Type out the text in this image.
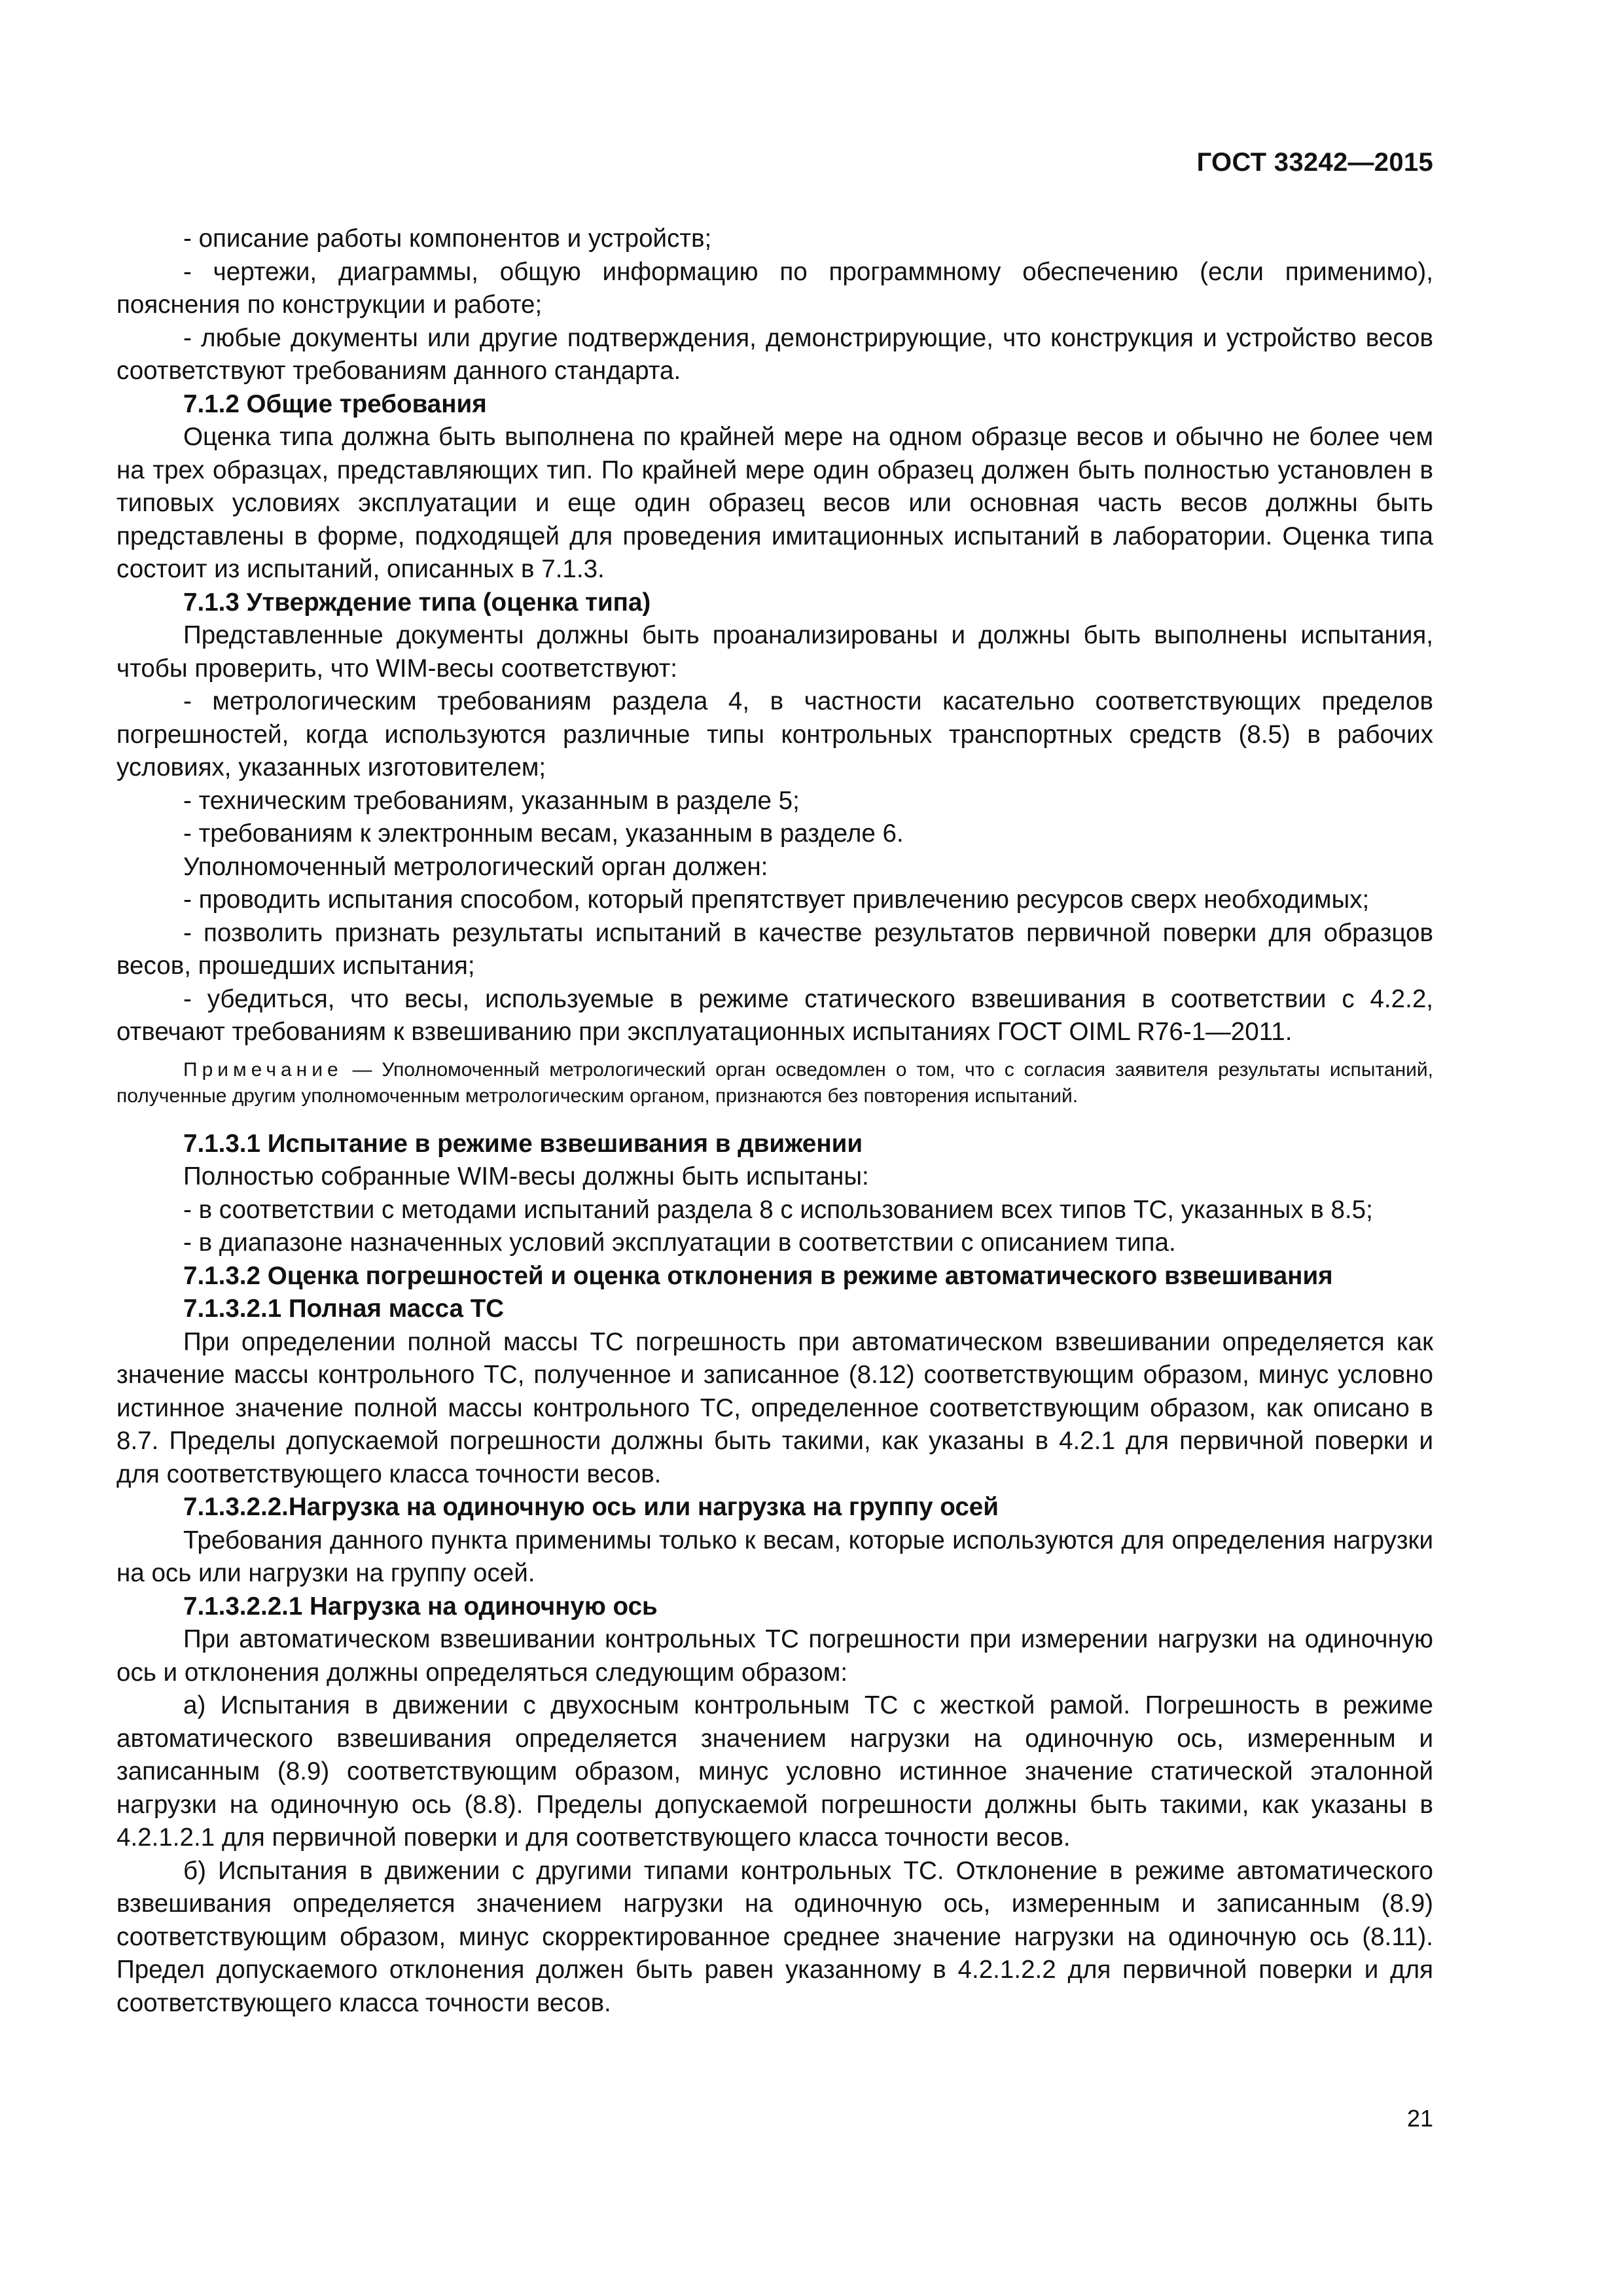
ГОСТ 33242—2015

- описание работы компонентов и устройств;

- чертежи, диаграммы, общую информацию по программному обеспечению (если применимо), пояснения по конструкции и работе;

- любые документы или другие подтверждения, демонстрирующие, что конструкция и устройство весов соответствуют требованиям данного стандарта.

7.1.2 Общие требования

Оценка типа должна быть выполнена по крайней мере на одном образце весов и обычно не более чем на трех образцах, представляющих тип. По крайней мере один образец должен быть полностью установлен в типовых условиях эксплуатации и еще один образец весов или основная часть весов должны быть представлены в форме, подходящей для проведения имитационных испытаний в лаборатории. Оценка типа состоит из испытаний, описанных в 7.1.3.

7.1.3 Утверждение типа (оценка типа)

Представленные документы должны быть проанализированы и должны быть выполнены испытания, чтобы проверить, что WIM-весы соответствуют:

- метрологическим требованиям раздела 4, в частности касательно соответствующих пределов погрешностей, когда используются различные типы контрольных транспортных средств (8.5) в рабочих условиях, указанных изготовителем;

- техническим требованиям, указанным в разделе 5;

- требованиям к электронным весам, указанным в разделе 6.

Уполномоченный метрологический орган должен:

- проводить испытания способом, который препятствует привлечению ресурсов сверх необходимых;

- позволить признать результаты испытаний в качестве результатов первичной поверки для образцов весов, прошедших испытания;

- убедиться, что весы, используемые в режиме статического взвешивания в соответствии с 4.2.2, отвечают требованиям к взвешиванию при эксплуатационных испытаниях ГОСТ OIML R76-1—2011.

Примечание — Уполномоченный метрологический орган осведомлен о том, что с согласия заявителя результаты испытаний, полученные другим уполномоченным метрологическим органом, признаются без повторения испытаний.

7.1.3.1 Испытание в режиме взвешивания в движении

Полностью собранные WIM-весы должны быть испытаны:

- в соответствии с методами испытаний раздела 8 с использованием всех типов ТС, указанных в 8.5;

- в диапазоне назначенных условий эксплуатации в соответствии с описанием типа.

7.1.3.2 Оценка погрешностей и оценка отклонения в режиме автоматического взвешивания

7.1.3.2.1 Полная масса ТС

При определении полной массы ТС погрешность при автоматическом взвешивании определяется как значение массы контрольного ТС, полученное и записанное (8.12) соответствующим образом, минус условно истинное значение полной массы контрольного ТС, определенное соответствующим образом, как описано в 8.7. Пределы допускаемой погрешности должны быть такими, как указаны в 4.2.1 для первичной поверки и для соответствующего класса точности весов.

7.1.3.2.2.Нагрузка на одиночную ось или нагрузка на группу осей

Требования данного пункта применимы только к весам, которые используются для определения нагрузки на ось или нагрузки на группу осей.

7.1.3.2.2.1 Нагрузка на одиночную ось

При автоматическом взвешивании контрольных ТС погрешности при измерении нагрузки на одиночную ось и отклонения должны определяться следующим образом:

а) Испытания в движении с двухосным контрольным ТС с жесткой рамой. Погрешность в режиме автоматического взвешивания определяется значением нагрузки на одиночную ось, измеренным и записанным (8.9) соответствующим образом, минус условно истинное значение статической эталонной нагрузки на одиночную ось (8.8). Пределы допускаемой погрешности должны быть такими, как указаны в 4.2.1.2.1 для первичной поверки и для соответствующего класса точности весов.

б) Испытания в движении с другими типами контрольных ТС. Отклонение в режиме автоматического взвешивания определяется значением нагрузки на одиночную ось, измеренным и записанным (8.9) соответствующим образом, минус скорректированное среднее значение нагрузки на одиночную ось (8.11). Предел допускаемого отклонения должен быть равен указанному в 4.2.1.2.2 для первичной поверки и для соответствующего класса точности весов.

21
